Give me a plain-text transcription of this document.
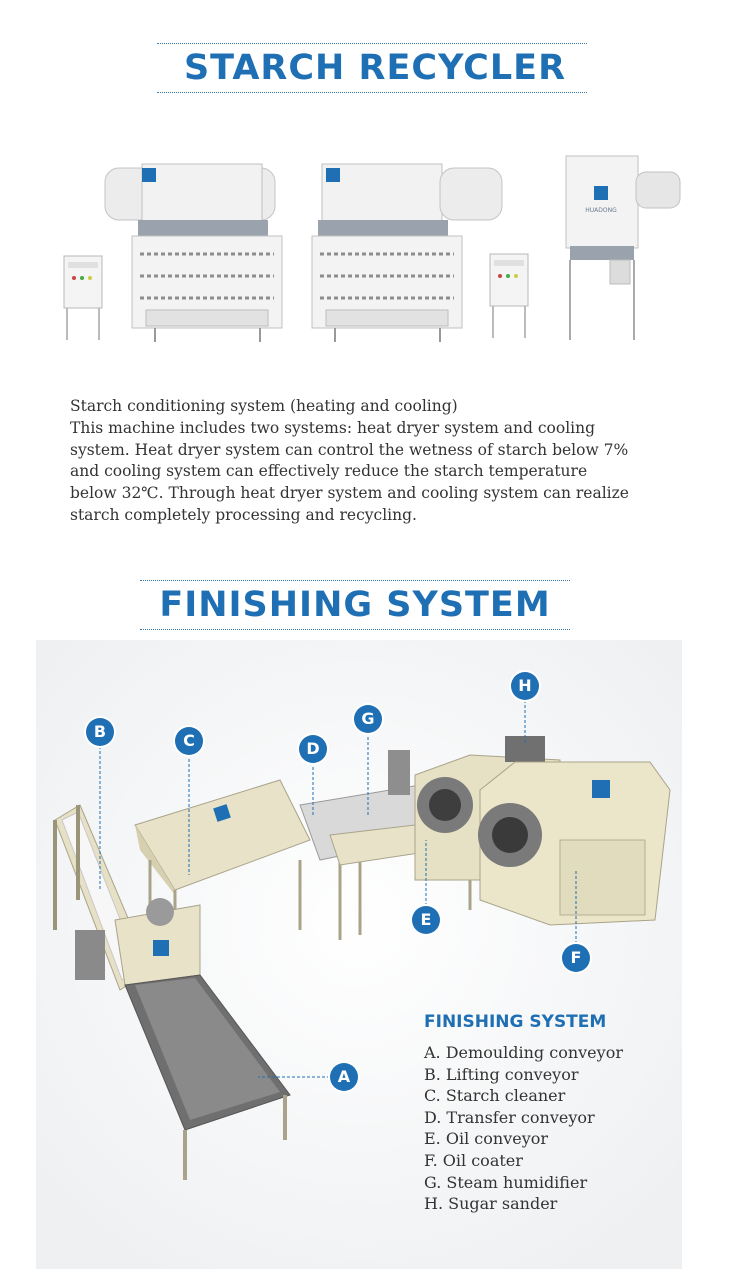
STARCH RECYCLER
HUADONG
Starch conditioning system (heating and cooling)
This machine includes two systems: heat dryer system and cooling
system. Heat dryer system can control the wetness of starch below 7%
and cooling system can effectively reduce the starch temperature
below 32℃. Through heat dryer system and cooling system can realize
starch completely processing and recycling.
FINISHING SYSTEM
A
B	C	D
E
F
G
H
FINISHING SYSTEM
A. Demoulding conveyor
B. Lifting conveyor
C. Starch cleaner
D. Transfer conveyor
E. Oil conveyor
F. Oil coater
G. Steam humidifier
H. Sugar sander
